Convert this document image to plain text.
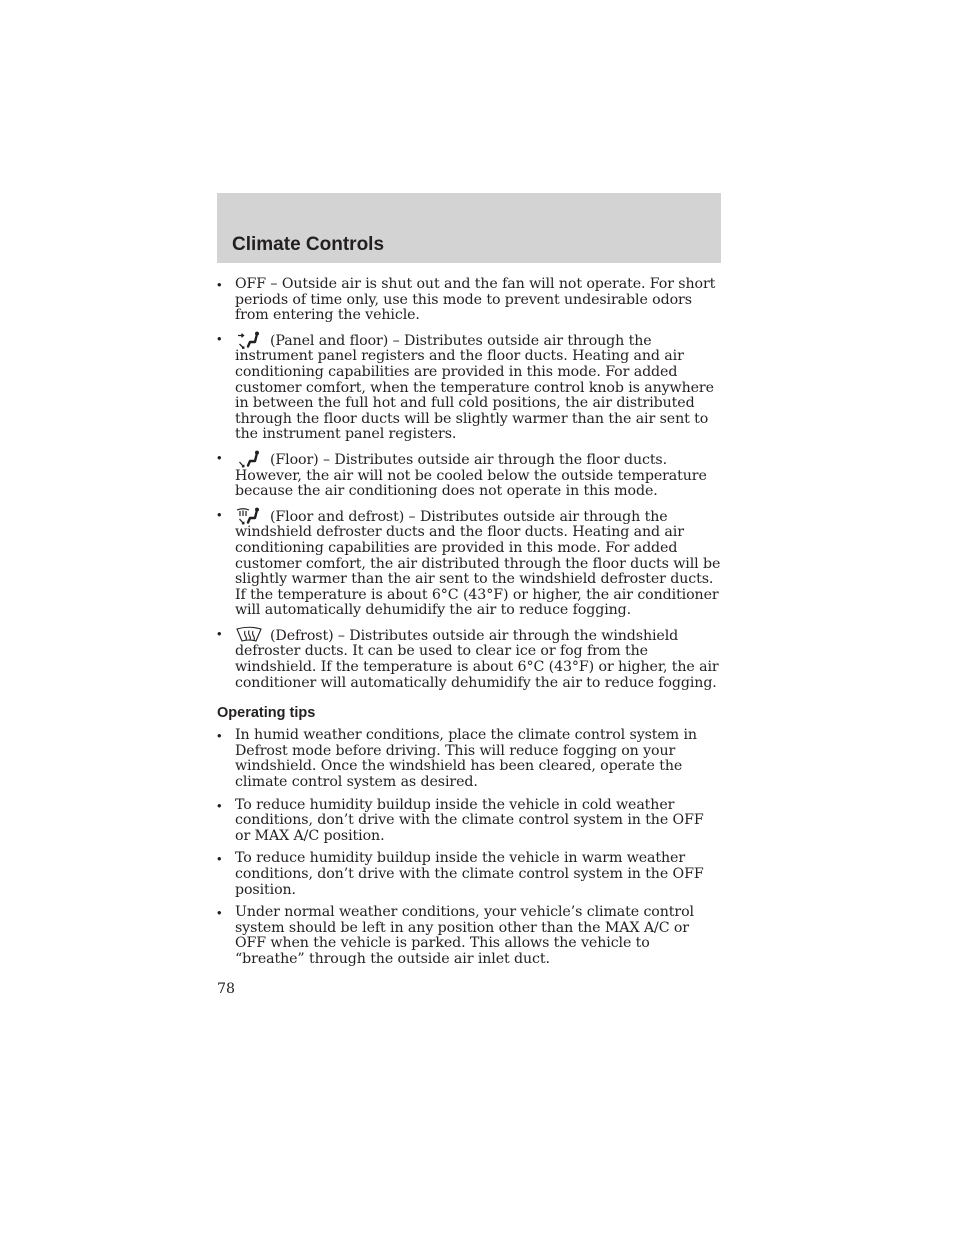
Climate Controls
• OFF – Outside air is shut out and the fan will not operate. For short periods of time only, use this mode to prevent undesirable odors from entering the vehicle.
•	(Panel and floor) – Distributes outside air through the instrument panel registers and the floor ducts. Heating and air conditioning capabilities are provided in this mode. For added customer comfort, when the temperature control knob is anywhere in between the full hot and full cold positions, the air distributed through the floor ducts will be slightly warmer than the air sent to the instrument panel registers.
•	(Floor) – Distributes outside air through the floor ducts. However, the air will not be cooled below the outside temperature because the air conditioning does not operate in this mode.
•	(Floor and defrost) – Distributes outside air through the windshield defroster ducts and the floor ducts. Heating and air conditioning capabilities are provided in this mode. For added customer comfort, the air distributed through the floor ducts will be slightly warmer than the air sent to the windshield defroster ducts. If the temperature is about 6°C (43°F) or higher, the air conditioner will automatically dehumidify the air to reduce fogging.
•	(Defrost) – Distributes outside air through the windshield defroster ducts. It can be used to clear ice or fog from the windshield. If the temperature is about 6°C (43°F) or higher, the air conditioner will automatically dehumidify the air to reduce fogging.
Operating tips
• In humid weather conditions, place the climate control system in Defrost mode before driving. This will reduce fogging on your windshield. Once the windshield has been cleared, operate the climate control system as desired.
• To reduce humidity buildup inside the vehicle in cold weather conditions, don’t drive with the climate control system in the OFF or MAX A/C position.
• To reduce humidity buildup inside the vehicle in warm weather conditions, don’t drive with the climate control system in the OFF position.
• Under normal weather conditions, your vehicle’s climate control system should be left in any position other than the MAX A/C or OFF when the vehicle is parked. This allows the vehicle to “breathe” through the outside air inlet duct.
78
